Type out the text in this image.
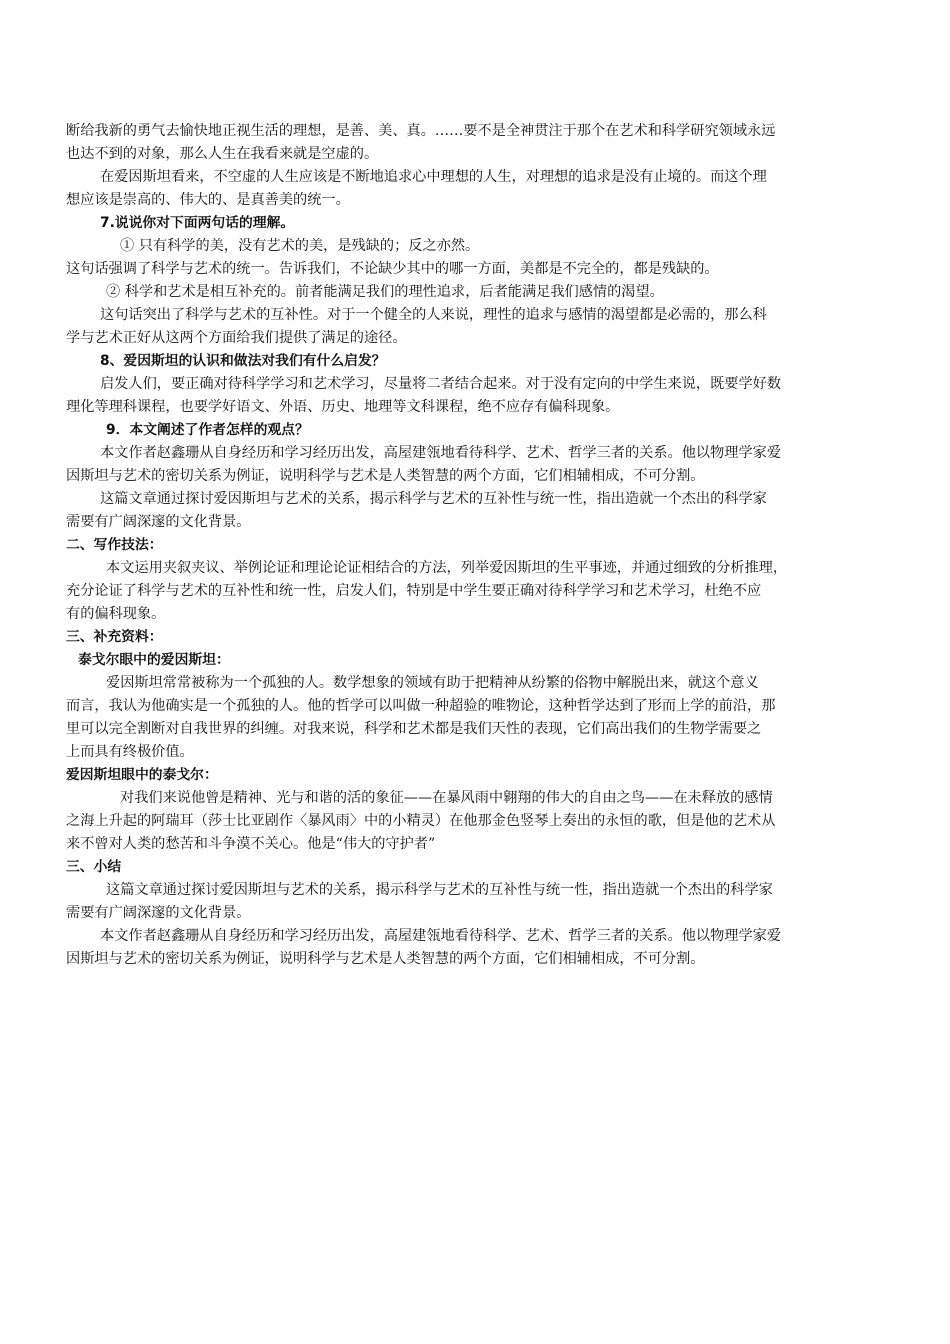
断给我新的勇气去愉快地正视生活的理想，是善、美、真。……要不是全神贯注于那个在艺术和科学研究领域永远
也达不到的对象，那么人生在我看来就是空虚的。
在爱因斯坦看来，不空虚的人生应该是不断地追求心中理想的人生，对理想的追求是没有止境的。而这个理
想应该是崇高的、伟大的、是真善美的统一。
7.说说你对下面两句话的理解。
① 只有科学的美，没有艺术的美，是残缺的；反之亦然。
这句话强调了科学与艺术的统一。告诉我们，不论缺少其中的哪一方面，美都是不完全的，都是残缺的。
② 科学和艺术是相互补充的。前者能满足我们的理性追求，后者能满足我们感情的渴望。
这句话突出了科学与艺术的互补性。对于一个健全的人来说，理性的追求与感情的渴望都是必需的，那么科
学与艺术正好从这两个方面给我们提供了满足的途径。
8、爱因斯坦的认识和做法对我们有什么启发？
启发人们，要正确对待科学学习和艺术学习，尽量将二者结合起来。对于没有定向的中学生来说，既要学好数
理化等理科课程，也要学好语文、外语、历史、地理等文科课程，绝不应存有偏科现象。
9．本文阐述了作者怎样的观点？
本文作者赵鑫珊从自身经历和学习经历出发，高屋建瓴地看待科学、艺术、哲学三者的关系。他以物理学家爱
因斯坦与艺术的密切关系为例证，说明科学与艺术是人类智慧的两个方面，它们相辅相成，不可分割。
这篇文章通过探讨爱因斯坦与艺术的关系，揭示科学与艺术的互补性与统一性，指出造就一个杰出的科学家
需要有广阔深邃的文化背景。
二、写作技法：
本文运用夹叙夹议、举例论证和理论论证相结合的方法，列举爱因斯坦的生平事迹，并通过细致的分析推理，
充分论证了科学与艺术的互补性和统一性，启发人们，特别是中学生要正确对待科学学习和艺术学习，杜绝不应
有的偏科现象。
三、补充资料：
泰戈尔眼中的爱因斯坦：
爱因斯坦常常被称为一个孤独的人。数学想象的领域有助于把精神从纷繁的俗物中解脱出来，就这个意义
而言，我认为他确实是一个孤独的人。他的哲学可以叫做一种超验的唯物论，这种哲学达到了形而上学的前沿，那
里可以完全割断对自我世界的纠缠。对我来说，科学和艺术都是我们天性的表现，它们高出我们的生物学需要之
上而具有终极价值。
爱因斯坦眼中的泰戈尔：
对我们来说他曾是精神、光与和谐的活的象征——在暴风雨中翱翔的伟大的自由之鸟——在未释放的感情
之海上升起的阿瑞耳（莎士比亚剧作〈暴风雨〉中的小精灵）在他那金色竖琴上奏出的永恒的歌，但是他的艺术从
来不曾对人类的愁苦和斗争漠不关心。他是“伟大的守护者”
三、小结
这篇文章通过探讨爱因斯坦与艺术的关系，揭示科学与艺术的互补性与统一性，指出造就一个杰出的科学家
需要有广阔深邃的文化背景。
本文作者赵鑫珊从自身经历和学习经历出发，高屋建瓴地看待科学、艺术、哲学三者的关系。他以物理学家爱
因斯坦与艺术的密切关系为例证，说明科学与艺术是人类智慧的两个方面，它们相辅相成，不可分割。
